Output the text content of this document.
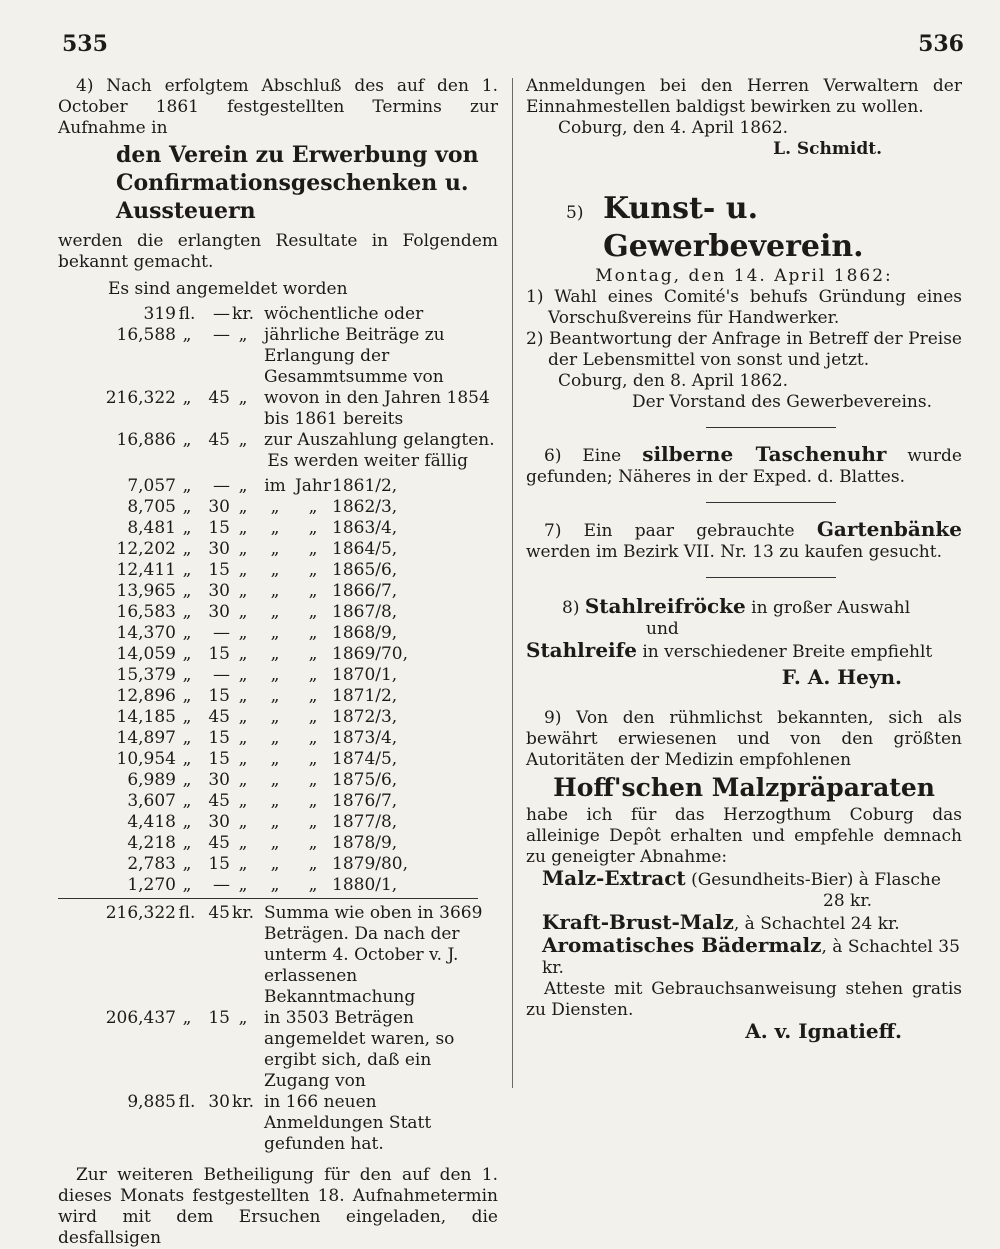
535	536

4) Nach erfolgtem Abschluß des auf den 1. October 1861 festgestellten Termins zur Aufnahme in

den Verein zu Erwerbung von Confirmationsgeschenken u. Aussteuern

werden die erlangten Resultate in Folgendem bekannt gemacht.

Es sind angemeldet worden

319	fl.	—	kr.	wöchentliche oder
16,588	„	—	„	jährliche Beiträge zu Erlangung der Gesammtsumme von
216,322	„	45	„	wovon in den Jahren 1854 bis 1861 bereits
16,886	„	45	„	zur Auszahlung gelangten.

Es werden weiter fällig

7,057	„	—	„	im	Jahr	1861/2,
8,705	„	30	„	„	„	1862/3,
8,481	„	15	„	„	„	1863/4,
12,202	„	30	„	„	„	1864/5,
12,411	„	15	„	„	„	1865/6,
13,965	„	30	„	„	„	1866/7,
16,583	„	30	„	„	„	1867/8,
14,370	„	—	„	„	„	1868/9,
14,059	„	15	„	„	„	1869/70,
15,379	„	—	„	„	„	1870/1,
12,896	„	15	„	„	„	1871/2,
14,185	„	45	„	„	„	1872/3,
14,897	„	15	„	„	„	1873/4,
10,954	„	15	„	„	„	1874/5,
6,989	„	30	„	„	„	1875/6,
3,607	„	45	„	„	„	1876/7,
4,418	„	30	„	„	„	1877/8,
4,218	„	45	„	„	„	1878/9,
2,783	„	15	„	„	„	1879/80,
1,270	„	—	„	„	„	1880/1,
216,322	fl.	45	kr.	Summa wie oben in 3669 Beträgen. Da nach der unterm 4. October v. J. erlassenen Bekanntmachung
206,437	„	15	„	in 3503 Beträgen angemeldet waren, so ergibt sich, daß ein Zugang von
9,885	fl.	30	kr.	in 166 neuen Anmeldungen Statt gefunden hat.

Zur weiteren Betheiligung für den auf den 1. dieses Monats festgestellten 18. Aufnahmetermin wird mit dem Ersuchen eingeladen, die desfallsigen

Anmeldungen bei den Herren Verwaltern der Einnahmestellen baldigst bewirken zu wollen.

Coburg, den 4. April 1862.

L. Schmidt.

5) Kunst- u. Gewerbeverein.

Montag, den 14. April 1862:

1) Wahl eines Comité's behufs Gründung eines Vorschußvereins für Handwerker.

2) Beantwortung der Anfrage in Betreff der Preise der Lebensmittel von sonst und jetzt.

Coburg, den 8. April 1862.

Der Vorstand des Gewerbevereins.

6) Eine silberne Taschenuhr wurde gefunden; Näheres in der Exped. d. Blattes.

7) Ein paar gebrauchte Gartenbänke werden im Bezirk VII. Nr. 13 zu kaufen gesucht.

8) Stahlreifröcke in großer Auswahl

und

Stahlreife in verschiedener Breite empfiehlt

F. A. Heyn.

9) Von den rühmlichst bekannten, sich als bewährt erwiesenen und von den größten Autoritäten der Medizin empfohlenen

Hoff'schen Malzpräparaten

habe ich für das Herzogthum Coburg das alleinige Depôt erhalten und empfehle demnach zu geneigter Abnahme:

Malz-Extract (Gesundheits-Bier) à Flasche

28 kr.

Kraft-Brust-Malz, à Schachtel 24 kr.

Aromatisches Bädermalz, à Schachtel 35 kr.

Atteste mit Gebrauchsanweisung stehen gratis zu Diensten.

A. v. Ignatieff.
